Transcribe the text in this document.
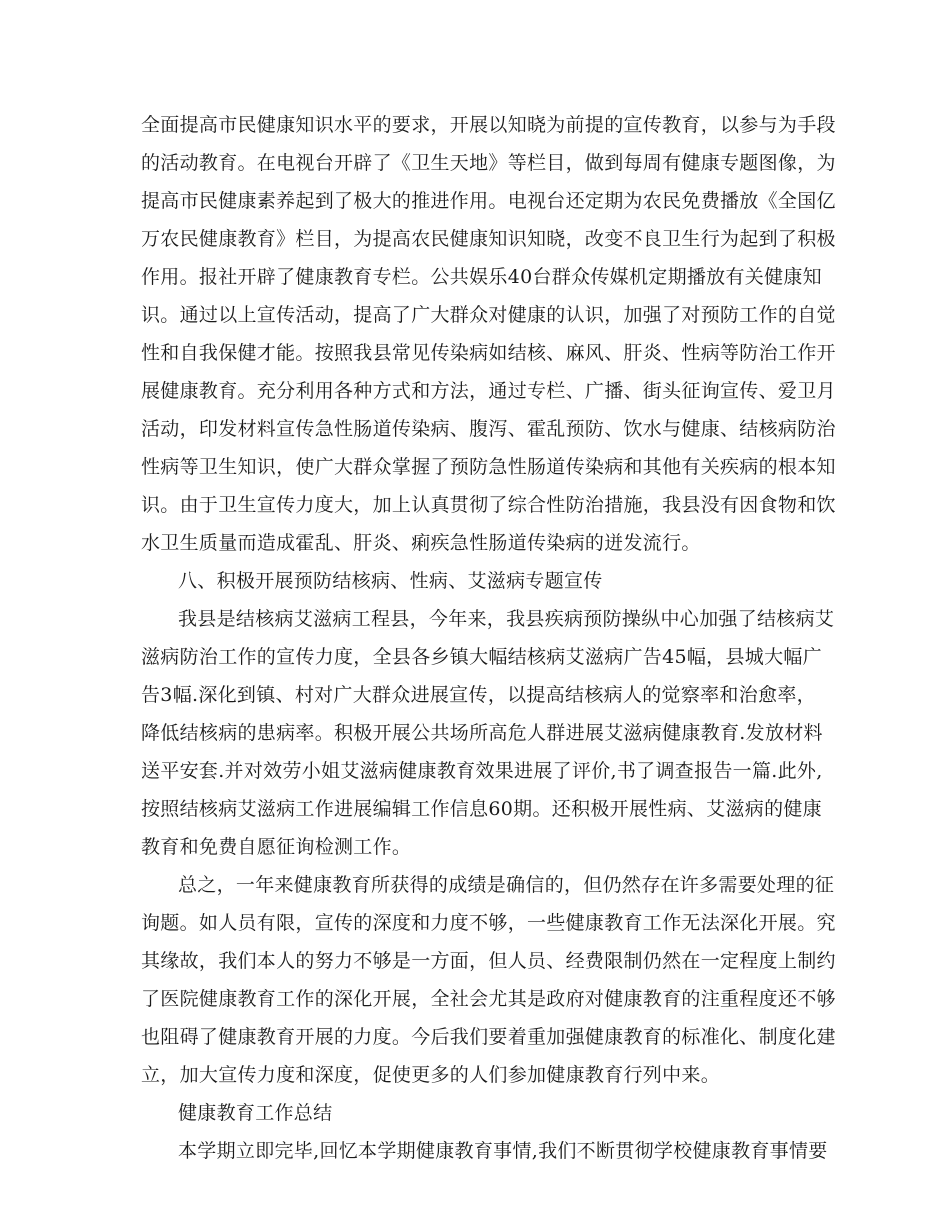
全面提高市民健康知识水平的要求，开展以知晓为前提的宣传教育，以参与为手段
的活动教育。在电视台开辟了《卫生天地》等栏目，做到每周有健康专题图像，为
提高市民健康素养起到了极大的推进作用。电视台还定期为农民免费播放《全国亿
万农民健康教育》栏目，为提高农民健康知识知晓，改变不良卫生行为起到了积极
作用。报社开辟了健康教育专栏。公共娱乐40台群众传媒机定期播放有关健康知
识。通过以上宣传活动，提高了广大群众对健康的认识，加强了对预防工作的自觉
性和自我保健才能。按照我县常见传染病如结核、麻风、肝炎、性病等防治工作开
展健康教育。充分利用各种方式和方法，通过专栏、广播、街头征询宣传、爱卫月
活动，印发材料宣传急性肠道传染病、腹泻、霍乱预防、饮水与健康、结核病防治
性病等卫生知识，使广大群众掌握了预防急性肠道传染病和其他有关疾病的根本知
识。由于卫生宣传力度大，加上认真贯彻了综合性防治措施，我县没有因食物和饮
水卫生质量而造成霍乱、肝炎、痢疾急性肠道传染病的迸发流行。
八、积极开展预防结核病、性病、艾滋病专题宣传
我县是结核病艾滋病工程县，今年来，我县疾病预防操纵中心加强了结核病艾
滋病防治工作的宣传力度，全县各乡镇大幅结核病艾滋病广告45幅，县城大幅广
告3幅.深化到镇、村对广大群众进展宣传，以提高结核病人的觉察率和治愈率，
降低结核病的患病率。积极开展公共场所高危人群进展艾滋病健康教育.发放材料
送平安套.并对效劳小姐艾滋病健康教育效果进展了评价,书了调查报告一篇.此外,
按照结核病艾滋病工作进展编辑工作信息60期。还积极开展性病、艾滋病的健康
教育和免费自愿征询检测工作。
总之，一年来健康教育所获得的成绩是确信的，但仍然存在许多需要处理的征
询题。如人员有限，宣传的深度和力度不够，一些健康教育工作无法深化开展。究
其缘故，我们本人的努力不够是一方面，但人员、经费限制仍然在一定程度上制约
了医院健康教育工作的深化开展，全社会尤其是政府对健康教育的注重程度还不够
也阻碍了健康教育开展的力度。今后我们要着重加强健康教育的标准化、制度化建
立，加大宣传力度和深度，促使更多的人们参加健康教育行列中来。
健康教育工作总结
本学期立即完毕,回忆本学期健康教育事情,我们不断贯彻学校健康教育事情要
